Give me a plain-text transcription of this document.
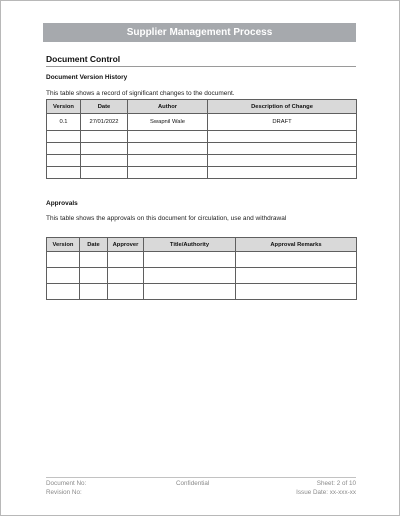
Supplier Management Process
Document Control
Document Version History
This table shows a record of significant changes to the document.
Version	Date	Author	Description of Change
0.1	27/01/2022	Swapnil Wale	DRAFT

Approvals
This table shows the approvals on this document for circulation, use and withdrawal
Version	Date	Approver	Title/Authority	Approval Remarks

Document No:	Confidential	Sheet: 2 of 10
Revision No:	Issue Date: xx-xxx-xx
